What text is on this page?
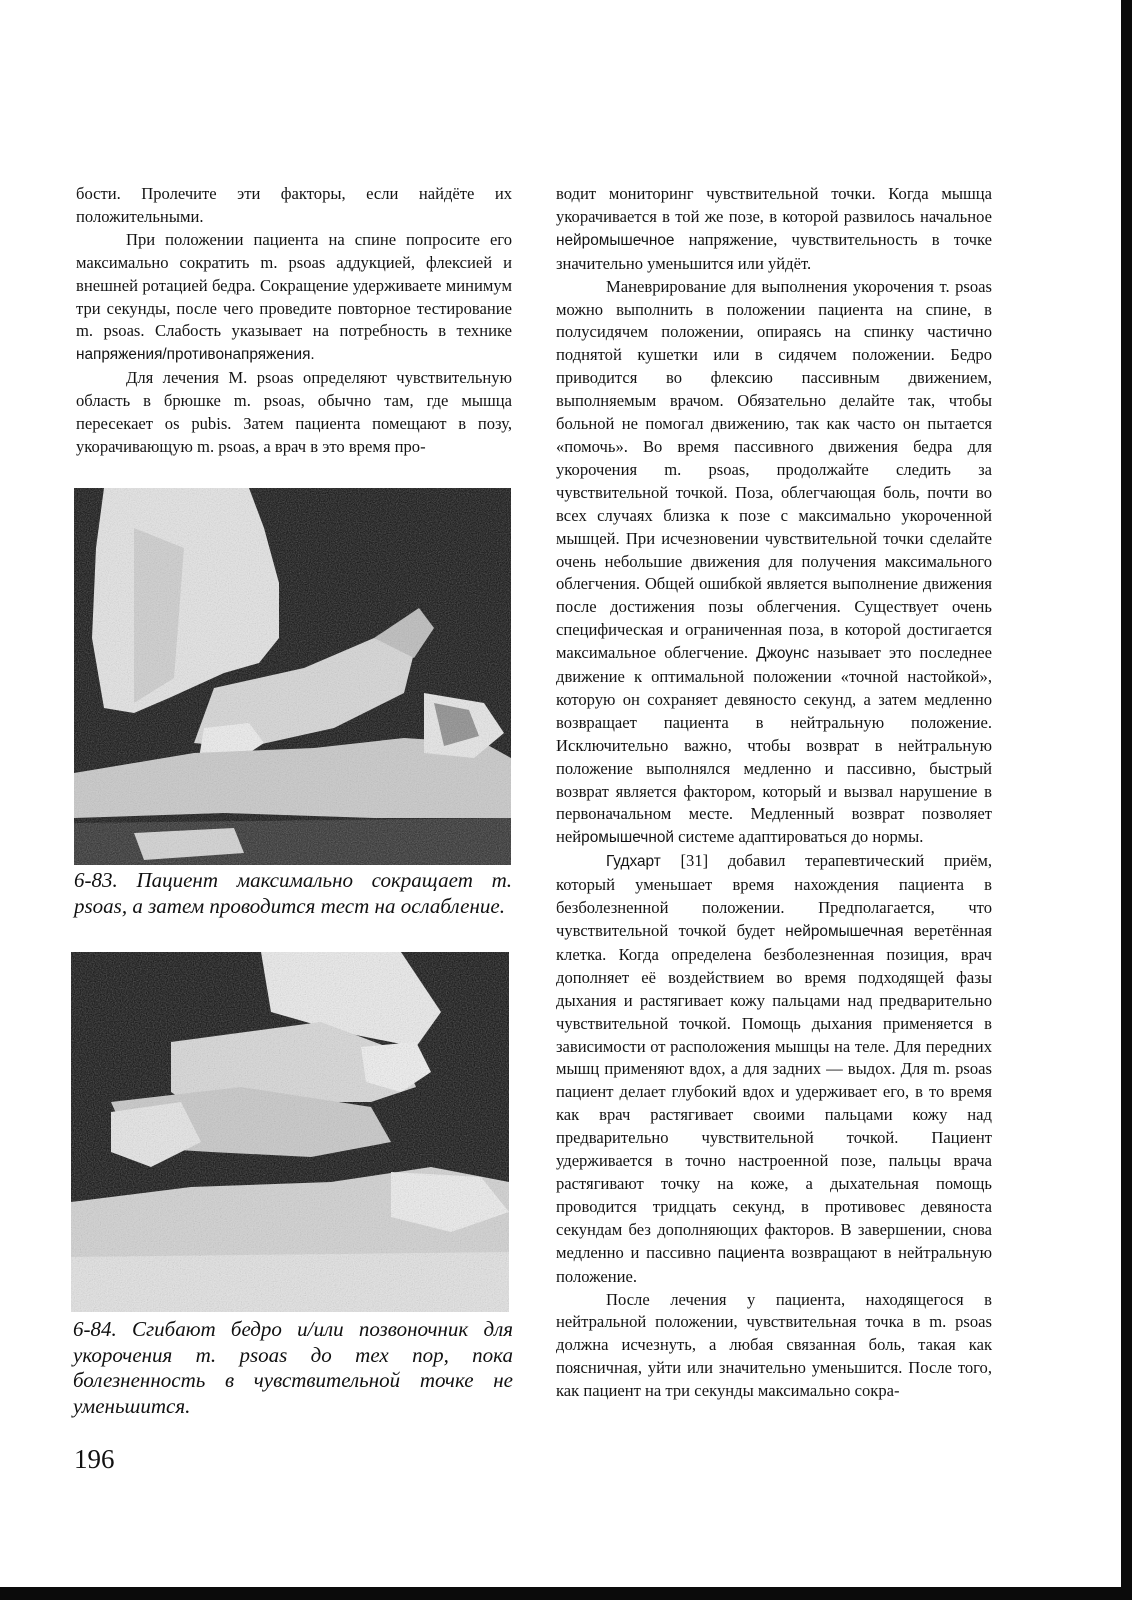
бости. Пролечите эти факторы, если найдёте их положительными.

При положении пациента на спине попросите его максимально сократить m. psoas аддукцией, флексией и внешней ротацией бедра. Сокращение удерживаете минимум три секунды, после чего проведите повторное тестирование m. psoas. Слабость указывает на потребность в технике напряжения/противонапряжения.

Для лечения M. psoas определяют чувствительную область в брюшке m. psoas, обычно там, где мышца пересекает os pubis. Затем пациента помещают в позу, укорачивающую m. psoas, а врач в это время про-

6-83. Пациент максимально сокращает m. psoas, а затем проводится тест на ослабление.
6-84. Сгибают бедро и/или позвоночник для укорочения m. psoas до тех пор, пока болезненность в чувствительной точке не уменьшится.

водит мониторинг чувствительной точки. Когда мышца укорачивается в той же позе, в которой развилось начальное нейромышечное напряжение, чувствительность в точке значительно уменьшится или уйдёт.

Маневрирование для выполнения укорочения т. psoas можно выполнить в положении пациента на спине, в полусидячем положении, опираясь на спинку частично поднятой кушетки или в сидячем положении. Бедро приводится во флексию пассивным движением, выполняемым врачом. Обязательно делайте так, чтобы больной не помогал движению, так как часто он пытается «помочь». Во время пассивного движения бедра для укорочения m. psoas, продолжайте следить за чувствительной точкой. Поза, облегчающая боль, почти во всех случаях близка к позе с максимально укороченной мышцей. При исчезновении чувствительной точки сделайте очень небольшие движения для получения максимального облегчения. Общей ошибкой является выполнение движения после достижения позы облегчения. Существует очень специфическая и ограниченная поза, в которой достигается максимальное облегчение. Джоунс называет это последнее движение к оптимальной положении «точной настойкой», которую он сохраняет девяносто секунд, а затем медленно возвращает пациента в нейтральную положение. Исключительно важно, чтобы возврат в нейтральную положение выполнялся медленно и пассивно, быстрый возврат является фактором, который и вызвал нарушение в первоначальном месте. Медленный возврат позволяет нейромышечной системе адаптироваться до нормы.

Гудхарт [31] добавил терапевтический приём, который уменьшает время нахождения пациента в безболезненной положении. Предполагается, что чувствительной точкой будет нейромышечная веретённая клетка. Когда определена безболезненная позиция, врач дополняет её воздействием во время подходящей фазы дыхания и растягивает кожу пальцами над предварительно чувствительной точкой. Помощь дыхания применяется в зависимости от расположения мышцы на теле. Для передних мышц применяют вдох, а для задних — выдох. Для m. psoas пациент делает глубокий вдох и удерживает его, в то время как врач растягивает своими пальцами кожу над предварительно чувствительной точкой. Пациент удерживается в точно настроенной позе, пальцы врача растягивают точку на коже, а дыхательная помощь проводится тридцать секунд, в противовес девяноста секундам без дополняющих факторов. В завершении, снова медленно и пассивно пациента возвращают в нейтральную положение.

После лечения у пациента, находящегося в нейтральной положении, чувствительная точка в m. psoas должна исчезнуть, а любая связанная боль, такая как поясничная, уйти или значительно уменьшится. После того, как пациент на три секунды максимально сокра-

196
